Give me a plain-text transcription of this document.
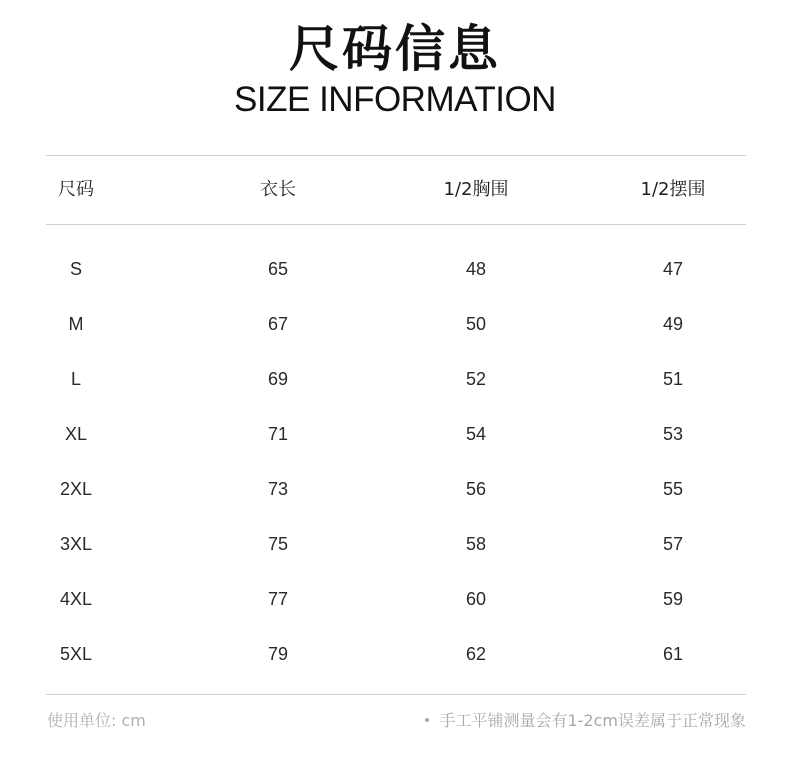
尺码信息
SIZE INFORMATION
尺码	衣长	1/2胸围	1/2摆围
S	65	48	47
M	67	50	49
L	69	52	51
XL	71	54	53
2XL	73	56	55
3XL	75	58	57
4XL	77	60	59
5XL	79	62	61
使用单位: cm	手工平铺测量会有1-2cm误差属于正常现象
